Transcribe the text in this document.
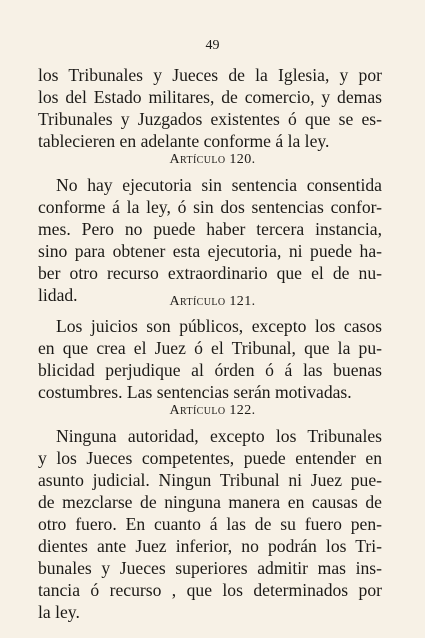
49
los Tribunales y Jueces de la Iglesia, y por
los del Estado militares, de comercio, y demas
Tribunales y Juzgados existentes ó que se es-
tablecieren en adelante conforme á la ley.
Artículo 120.
No hay ejecutoria sin sentencia consentida
conforme á la ley, ó sin dos sentencias confor-
mes. Pero no puede haber tercera instancia,
sino para obtener esta ejecutoria, ni puede ha-
ber otro recurso extraordinario que el de nu-
lidad.	Artículo 121.
Los juicios son públicos, excepto los casos
en que crea el Juez ó el Tribunal, que la pu-
blicidad perjudique al órden ó á las buenas
costumbres. Las sentencias serán motivadas.
Artículo 122.
Ninguna autoridad, excepto los Tribunales
y los Jueces competentes, puede entender en
asunto judicial. Ningun Tribunal ni Juez pue-
de mezclarse de ninguna manera en causas de
otro fuero. En cuanto á las de su fuero pen-
dientes ante Juez inferior, no podrán los Tri-
bunales y Jueces superiores admitir mas ins-
tancia ó recurso , que los determinados por
la ley.
